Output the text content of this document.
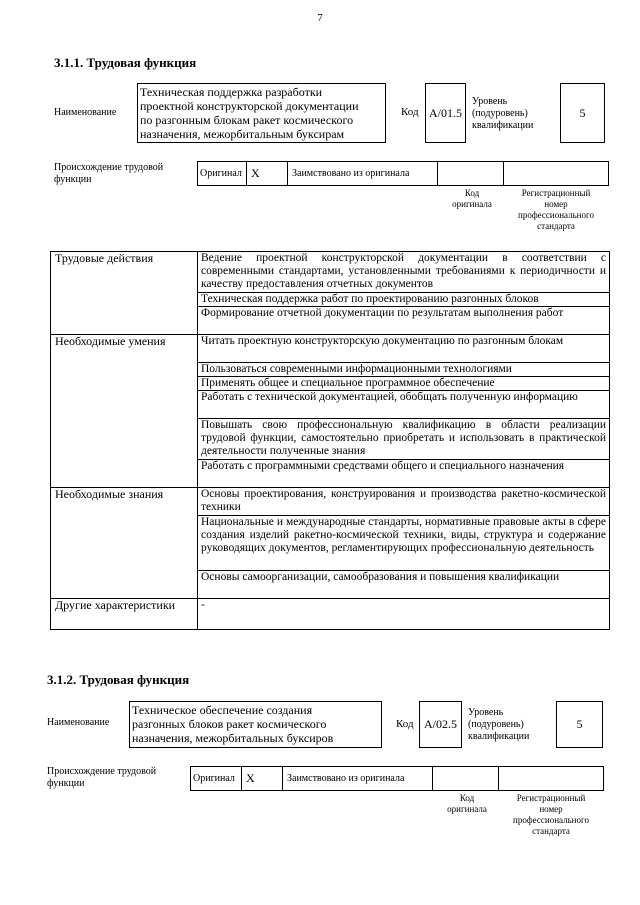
7
3.1.1. Трудовая функция
Наименование
Техническая поддержка разработки
проектной конструкторской документации
по разгонным блокам ракет космического
назначения, межорбитальным буксирам
Код А/01.5
Уровень
(подуровень)
квалификации
5
Происхождение трудовой
функции
Оригинал X	Заимствовано из оригинала
Код
оригинала
Регистрационный
номер
профессионального
стандарта
Трудовые действия	Ведение проектной конструкторской документации в соответствии с современными стандартами, установленными требованиями к периодичности и качеству предоставления отчетных документов
	Техническая поддержка работ по проектированию разгонных блоков
	Формирование отчетной документации по результатам выполнения работ
Необходимые умения	Читать проектную конструкторскую документацию по разгонным блокам
	Пользоваться современными информационными технологиями
	Применять общее и специальное программное обеспечение
	Работать с технической документацией, обобщать полученную информацию
	Повышать свою профессиональную квалификацию в области реализации трудовой функции, самостоятельно приобретать и использовать в практической деятельности полученные знания
	Работать с программными средствами общего и специального назначения
Необходимые знания	Основы проектирования, конструирования и производства ракетно-космической техники
	Национальные и международные стандарты, нормативные правовые акты в сфере создания изделий ракетно-космической техники, виды, структура и содержание руководящих документов, регламентирующих профессиональную деятельность
	Основы самоорганизации, самообразования и повышения квалификации
Другие характеристики	-
3.1.2. Трудовая функция
Наименование
Техническое обеспечение создания
разгонных блоков ракет космического
назначения, межорбитальных буксиров
Код А/02.5
Уровень
(подуровень)
квалификации
5
Происхождение трудовой
функции	Оригинал X	Заимствовано из оригинала
Код
оригинала
Регистрационный
номер
профессионального
стандарта
